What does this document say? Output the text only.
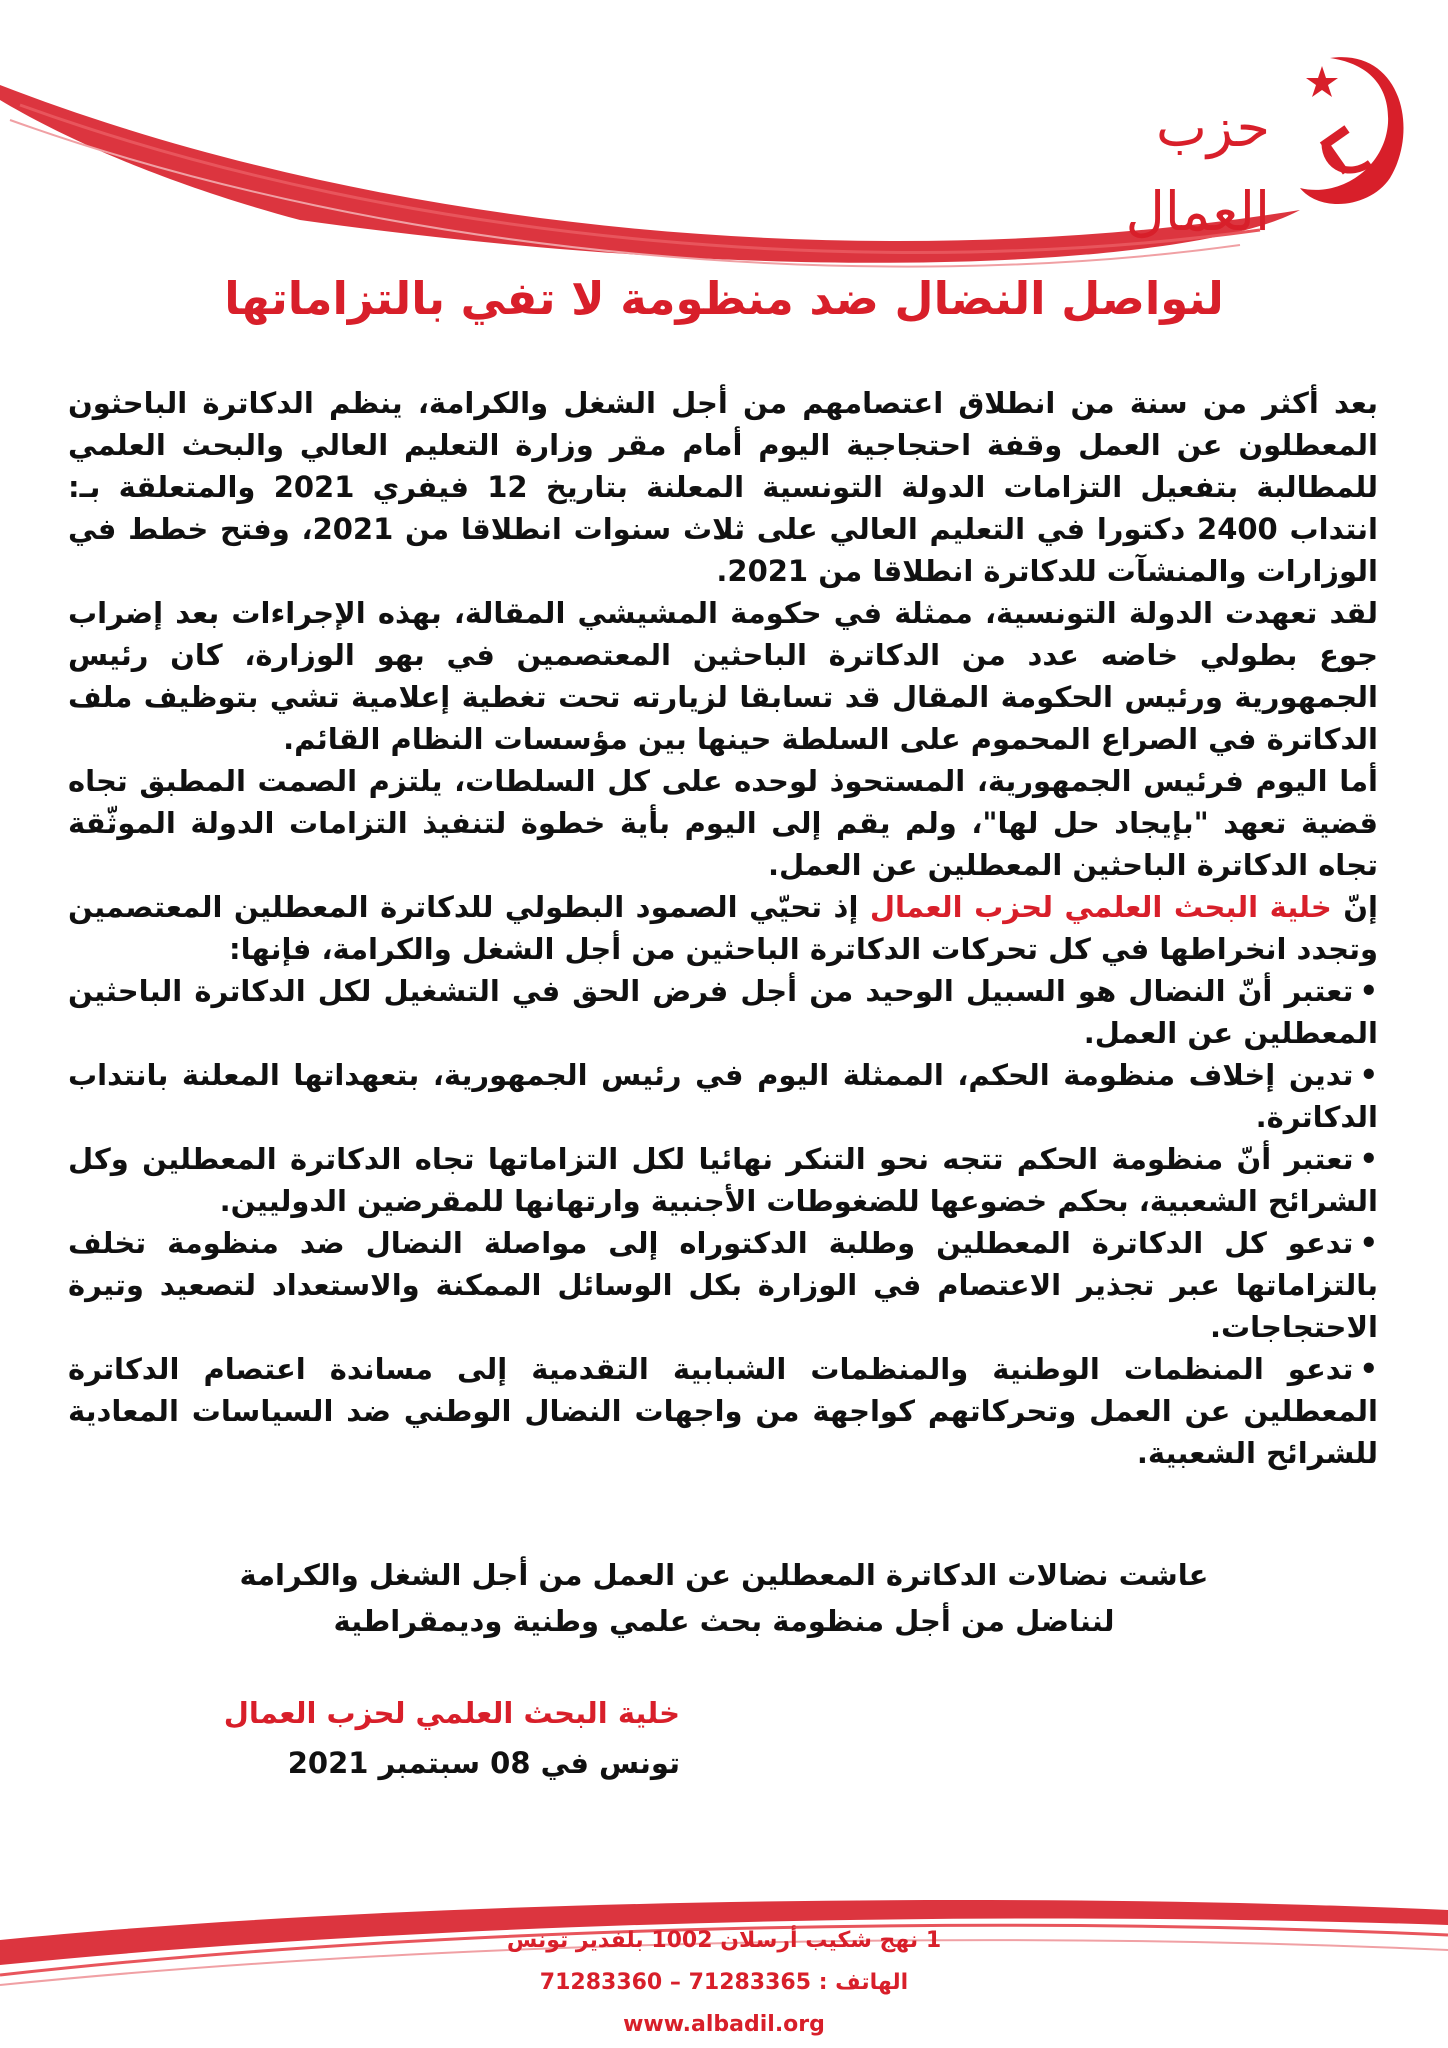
حزب
العمال
لنواصل النضال ضد منظومة لا تفي بالتزاماتها

بعد أكثر من سنة من انطلاق اعتصامهم من أجل الشغل والكرامة، ينظم الدكاترة الباحثون المعطلون عن العمل وقفة احتجاجية اليوم أمام مقر وزارة التعليم العالي والبحث العلمي للمطالبة بتفعيل التزامات الدولة التونسية المعلنة بتاريخ 12 فيفري 2021 والمتعلقة بـ: انتداب 2400 دكتورا في التعليم العالي على ثلاث سنوات انطلاقا من 2021، وفتح خطط في الوزارات والمنشآت للدكاترة انطلاقا من 2021.

لقد تعهدت الدولة التونسية، ممثلة في حكومة المشيشي المقالة، بهذه الإجراءات بعد إضراب جوع بطولي خاضه عدد من الدكاترة الباحثين المعتصمين في بهو الوزارة، كان رئيس الجمهورية ورئيس الحكومة المقال قد تسابقا لزيارته تحت تغطية إعلامية تشي بتوظيف ملف الدكاترة في الصراع المحموم على السلطة حينها بين مؤسسات النظام القائم.

أما اليوم فرئيس الجمهورية، المستحوذ لوحده على كل السلطات، يلتزم الصمت المطبق تجاه قضية تعهد "بإيجاد حل لها"، ولم يقم إلى اليوم بأية خطوة لتنفيذ التزامات الدولة الموثّقة تجاه الدكاترة الباحثين المعطلين عن العمل.

إنّ خلية البحث العلمي لحزب العمال إذ تحيّي الصمود البطولي للدكاترة المعطلين المعتصمين وتجدد انخراطها في كل تحركات الدكاترة الباحثين من أجل الشغل والكرامة، فإنها:

•تعتبر أنّ النضال هو السبيل الوحيد من أجل فرض الحق في التشغيل لكل الدكاترة الباحثين المعطلين عن العمل.

•تدين إخلاف منظومة الحكم، الممثلة اليوم في رئيس الجمهورية، بتعهداتها المعلنة بانتداب الدكاترة.

•تعتبر أنّ منظومة الحكم تتجه نحو التنكر نهائيا لكل التزاماتها تجاه الدكاترة المعطلين وكل الشرائح الشعبية، بحكم خضوعها للضغوطات الأجنبية وارتهانها للمقرضين الدوليين.

•تدعو كل الدكاترة المعطلين وطلبة الدكتوراه إلى مواصلة النضال ضد منظومة تخلف بالتزاماتها عبر تجذير الاعتصام في الوزارة بكل الوسائل الممكنة والاستعداد لتصعيد وتيرة الاحتجاجات.

•تدعو المنظمات الوطنية والمنظمات الشبابية التقدمية إلى مساندة اعتصام الدكاترة المعطلين عن العمل وتحركاتهم كواجهة من واجهات النضال الوطني ضد السياسات المعادية للشرائح الشعبية.

عاشت نضالات الدكاترة المعطلين عن العمل من أجل الشغل والكرامة
لنناضل من أجل منظومة بحث علمي وطنية وديمقراطية
خلية البحث العلمي لحزب العمال
تونس في 08 سبتمبر 2021
1 نهج شكيب أرسلان 1002 بلفدير تونس
الهاتف : 71283365 – 71283360
www.albadil.org
